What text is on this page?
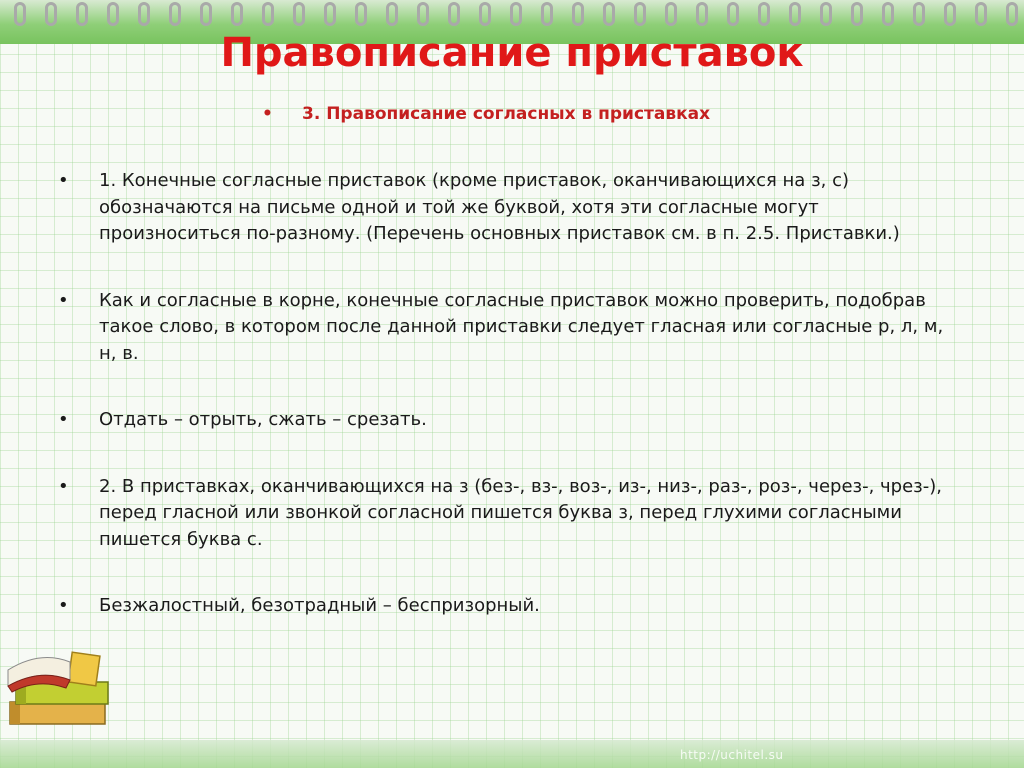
Правописание приставок
•	3. Правописание согласных в приставках
•	1. Конечные согласные приставок (кроме приставок, оканчивающихся на з, с) обозначаются на письме одной и той же буквой, хотя эти согласные могут произноситься по-разному. (Перечень основных приставок см. в п. 2.5. Приставки.)
•	Как и согласные в корне, конечные согласные приставок можно проверить, подобрав такое слово, в котором после данной приставки следует гласная или согласные р, л, м, н, в.
•	Отдать – отрыть, сжать – срезать.
•	2. В приставках, оканчивающихся на з (без-, вз-, воз-, из-, низ-, раз-, роз-, через-, чрез-), перед гласной или звонкой согласной пишется буква з, перед глухими согласными пишется буква с.
•	Безжалостный, безотрадный – беспризорный.
http://uchitel.su
